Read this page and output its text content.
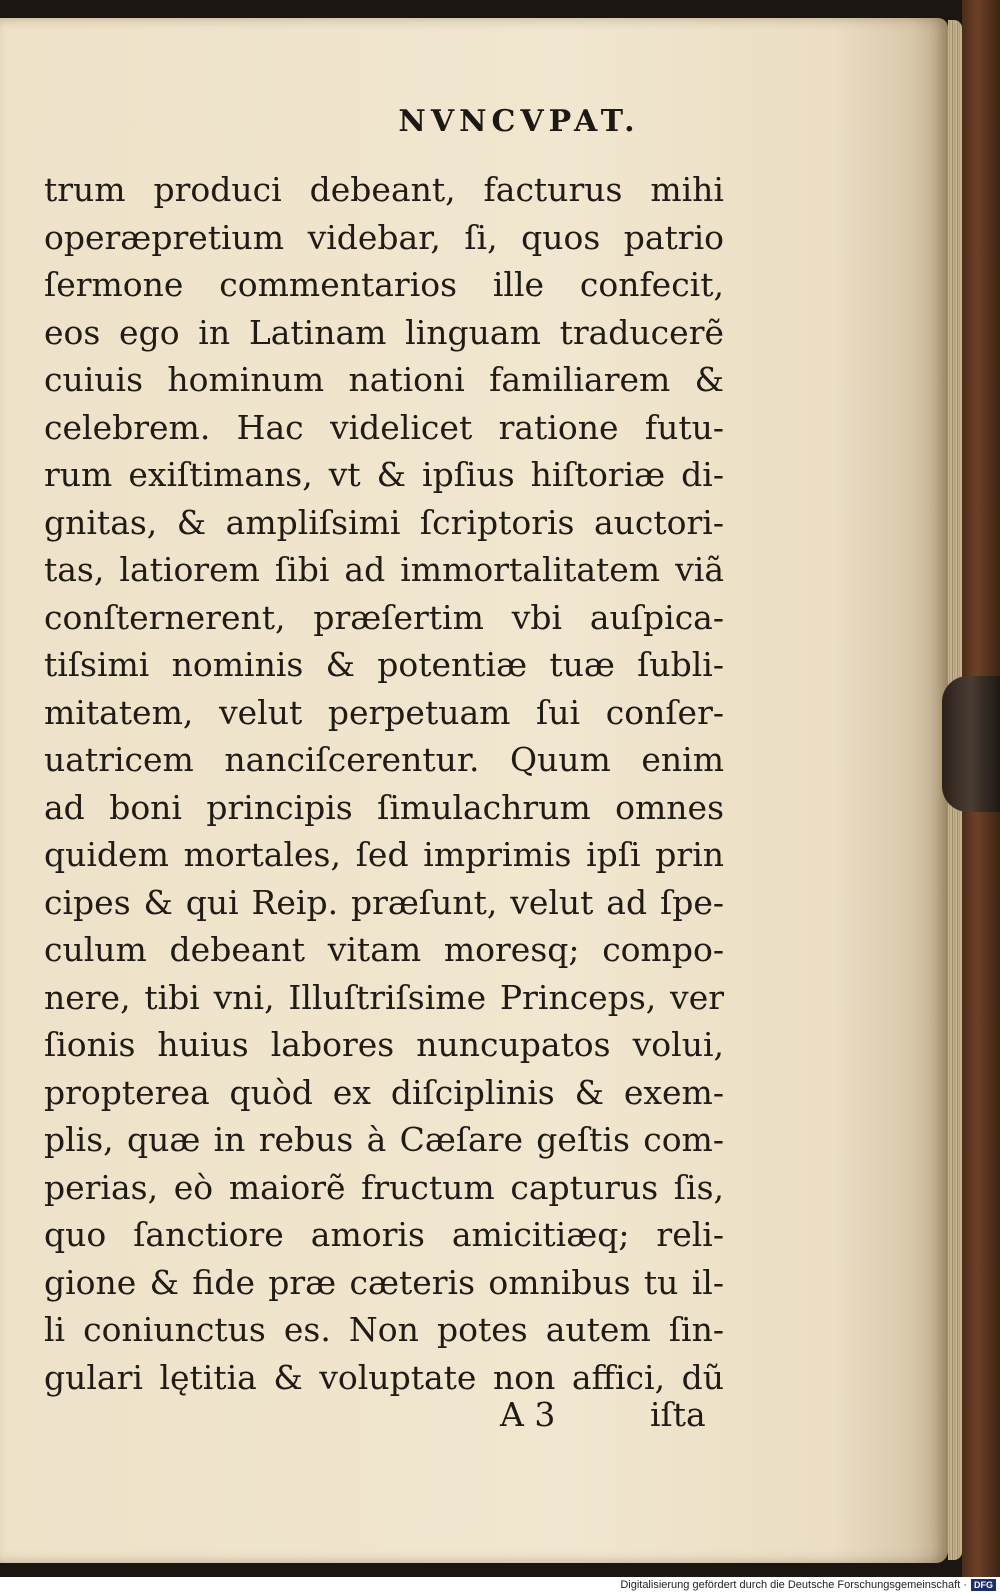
NVNCVPAT.
trum produci debeant, facturus mihi
operæpretium videbar, ſi, quos patrio
ſermone commentarios ille confecit,
eos ego in Latinam linguam traducerẽ
cuiuis hominum nationi familiarem &
celebrem. Hac videlicet ratione futu-
rum exiſtimans, vt & ipſius hiſtoriæ di-
gnitas, & ampliſsimi ſcriptoris auctori-
tas, latiorem ſibi ad immortalitatem viã
conſternerent, præſertim vbi auſpica-
tiſsimi nominis & potentiæ tuæ ſubli-
mitatem, velut perpetuam ſui conſer-
uatricem nanciſcerentur. Quum enim
ad boni principis ſimulachrum omnes
quidem mortales, ſed imprimis ipſi prin
cipes & qui Reip. præſunt, velut ad ſpe-
culum debeant vitam moresq; compo-
nere, tibi vni, Illuſtriſsime Princeps, ver
ſionis huius labores nuncupatos volui,
propterea quòd ex diſciplinis & exem-
plis, quæ in rebus à Cæſare geſtis com-
perias, eò maiorẽ fructum capturus ſis,
quo ſanctiore amoris amicitiæq; reli-
gione & fide præ cæteris omnibus tu il-
li coniunctus es. Non potes autem ſin-
gulari lętitia & voluptate non affici, dũ
A 3	iſta
Digitalisierung gefördert durch die Deutsche Forschungsgemeinschaft · DFG
